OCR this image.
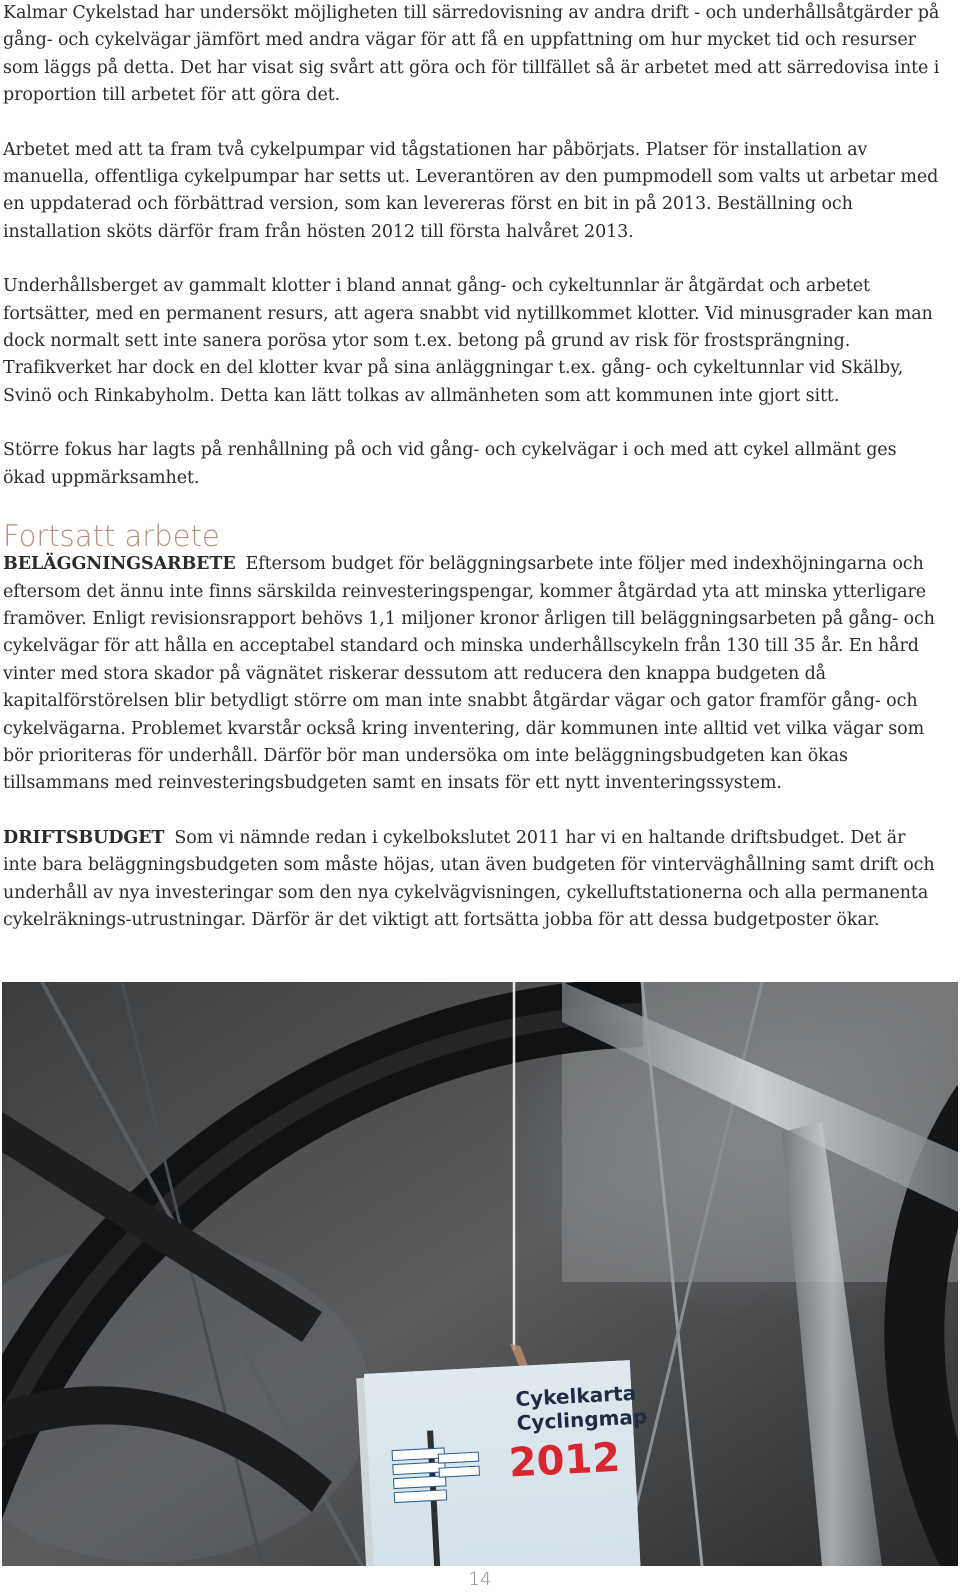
Kalmar Cykelstad har undersökt möjligheten till särredovisning av andra drift - och underhållsåtgärder på gång- och cykelvägar jämfört med andra vägar för att få en uppfattning om hur mycket tid och resurser som läggs på detta. Det har visat sig svårt att göra och för tillfället så är arbetet med att särredovisa inte i proportion till arbetet för att göra det.

Arbetet med att ta fram två cykelpumpar vid tågstationen har påbörjats. Platser för installation av manuella, offentliga cykelpumpar har setts ut. Leverantören av den pumpmodell som valts ut arbetar med en uppdaterad och förbättrad version, som kan levereras först en bit in på 2013. Beställning och installation sköts därför fram från hösten 2012 till första halvåret 2013.

Underhållsberget av gammalt klotter i bland annat gång- och cykeltunnlar är åtgärdat och arbetet fortsätter, med en permanent resurs, att agera snabbt vid nytillkommet klotter. Vid minusgrader kan man dock normalt sett inte sanera porösa ytor som t.ex. betong på grund av risk för frostsprängning. Trafikverket har dock en del klotter kvar på sina anläggningar t.ex. gång- och cykeltunnlar vid Skälby, Svinö och Rinkabyholm. Detta kan lätt tolkas av allmänheten som att kommunen inte gjort sitt.

Större fokus har lagts på renhållning på och vid gång- och cykelvägar i och med att cykel allmänt ges ökad uppmärksamhet.

Fortsatt arbete

BELÄGGNINGSARBETE Eftersom budget för beläggningsarbete inte följer med indexhöjningarna och eftersom det ännu inte finns särskilda reinvesteringspengar, kommer åtgärdad yta att minska ytterligare framöver. Enligt revisionsrapport behövs 1,1 miljoner kronor årligen till beläggningsarbeten på gång- och cykelvägar för att hålla en acceptabel standard och minska underhållscykeln från 130 till 35 år. En hård vinter med stora skador på vägnätet riskerar dessutom att reducera den knappa budgeten då kapitalförstörelsen blir betydligt större om man inte snabbt åtgärdar vägar och gator framför gång- och cykelvägarna. Problemet kvarstår också kring inventering, där kommunen inte alltid vet vilka vägar som bör prioriteras för underhåll. Därför bör man undersöka om inte beläggningsbudgeten kan ökas tillsammans med reinvesteringsbudgeten samt en insats för ett nytt inventeringssystem.

DRIFTSBUDGET Som vi nämnde redan i cykelbokslutet 2011 har vi en haltande driftsbudget. Det är inte bara beläggningsbudgeten som måste höjas, utan även budgeten för vinterväghållning samt drift och underhåll av nya investeringar som den nya cykelvägvisningen, cykelluftstationerna och alla permanenta cykelräknings-utrustningar. Därför är det viktigt att fortsätta jobba för att dessa budgetposter ökar.

Cykelkarta
Cyclingmap
2012
14
